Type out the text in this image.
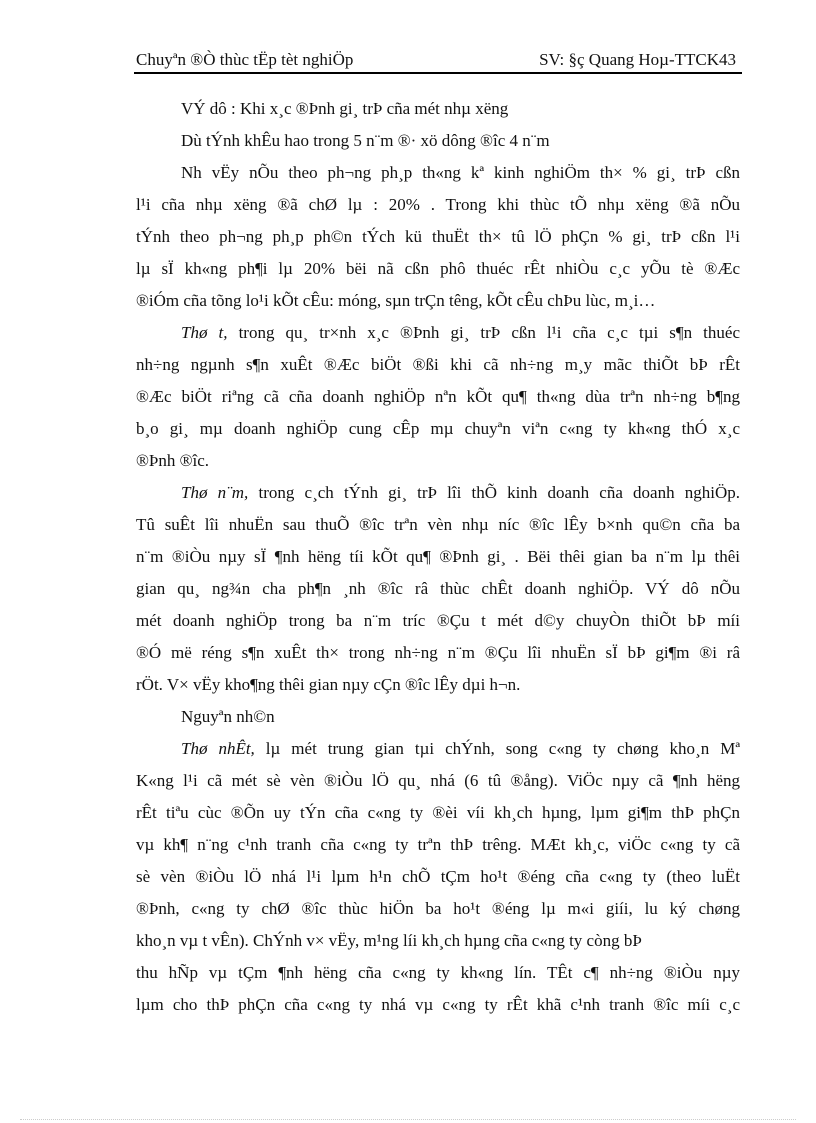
Chuyªn ®Ò thùc tËp tèt nghiÖp	SV: §ç Quang Hoµ-TTCK43
VÝ dô : Khi x¸c ®Þnh gi¸ trÞ cña mét nhµ xëng
Dù tÝnh khÊu hao trong 5 n¨m ®· xö dông ®îc 4 n¨m
Nh vËy nÕu theo ph¬ng ph¸p th«ng kª kinh nghiÖm th× % gi¸ trÞ cßn
l¹i cña nhµ xëng ®ã chØ lµ : 20% . Trong khi thùc tÕ nhµ xëng ®ã nÕu
tÝnh theo ph¬ng ph¸p ph©n tÝch kü thuËt th× tû lÖ phÇn % gi¸ trÞ cßn l¹i
lµ sÏ kh«ng ph¶i lµ 20% bëi nã cßn phô thuéc rÊt nhiÒu c¸c yÕu tè ®Æc
®iÓm cña tõng lo¹i kÕt cÊu: móng, sµn trÇn têng, kÕt cÊu chÞu lùc, m¸i…
Thø t, trong qu¸ tr×nh x¸c ®Þnh gi¸ trÞ cßn l¹i cña c¸c tµi s¶n thuéc
nh÷ng ngµnh s¶n xuÊt ®Æc biÖt ®ßi khi cã nh÷ng m¸y mãc thiÕt bÞ rÊt
®Æc biÖt riªng cã cña doanh nghiÖp nªn kÕt qu¶ th«ng dùa trªn nh÷ng b¶ng
b¸o gi¸ mµ doanh nghiÖp cung cÊp mµ chuyªn viªn c«ng ty kh«ng thÓ x¸c
®Þnh ®îc.
Thø n¨m, trong c¸ch tÝnh gi¸ trÞ lîi thÕ kinh doanh cña doanh nghiÖp.
Tû suÊt lîi nhuËn sau thuÕ ®îc trªn vèn nhµ níc ®îc lÊy b×nh qu©n cña ba
n¨m ®iÒu nµy sÏ ¶nh hëng tíi kÕt qu¶ ®Þnh gi¸ . Bëi thêi gian ba n¨m lµ thêi
gian qu¸ ng¾n cha ph¶n ¸nh ®îc râ thùc chÊt doanh nghiÖp. VÝ dô nÕu
mét doanh nghiÖp trong ba n¨m tríc ®Çu t mét d©y chuyÒn thiÕt bÞ míi
®Ó më réng s¶n xuÊt th× trong nh÷ng n¨m ®Çu lîi nhuËn sÏ bÞ gi¶m ®i râ
rÖt. V× vËy kho¶ng thêi gian nµy cÇn ®îc lÊy dµi h¬n.
Nguyªn nh©n
Thø nhÊt, lµ mét trung gian tµi chÝnh, song c«ng ty chøng kho¸n Mª
K«ng l¹i cã mét sè vèn ®iÒu lÖ qu¸ nhá (6 tû ®ång). ViÖc nµy cã ¶nh hëng
rÊt tiªu cùc ®Õn uy tÝn cña c«ng ty ®èi víi kh¸ch hµng, lµm gi¶m thÞ phÇn
vµ kh¶ n¨ng c¹nh tranh cña c«ng ty trªn thÞ trêng. MÆt kh¸c, viÖc c«ng ty cã
sè vèn ®iÒu lÖ nhá l¹i lµm h¹n chÕ tÇm ho¹t ®éng cña c«ng ty (theo luËt
®Þnh, c«ng ty chØ ®îc thùc hiÖn ba ho¹t ®éng lµ m«i giíi, lu ký chøng
kho¸n vµ t vÊn). ChÝnh v× vËy, m¹ng líi kh¸ch hµng cña c«ng ty còng bÞ
thu hÑp vµ tÇm ¶nh hëng cña c«ng ty kh«ng lín. TÊt c¶ nh÷ng ®iÒu nµy
lµm cho thÞ phÇn cña c«ng ty nhá vµ c«ng ty rÊt khã c¹nh tranh ®îc míi c¸c
